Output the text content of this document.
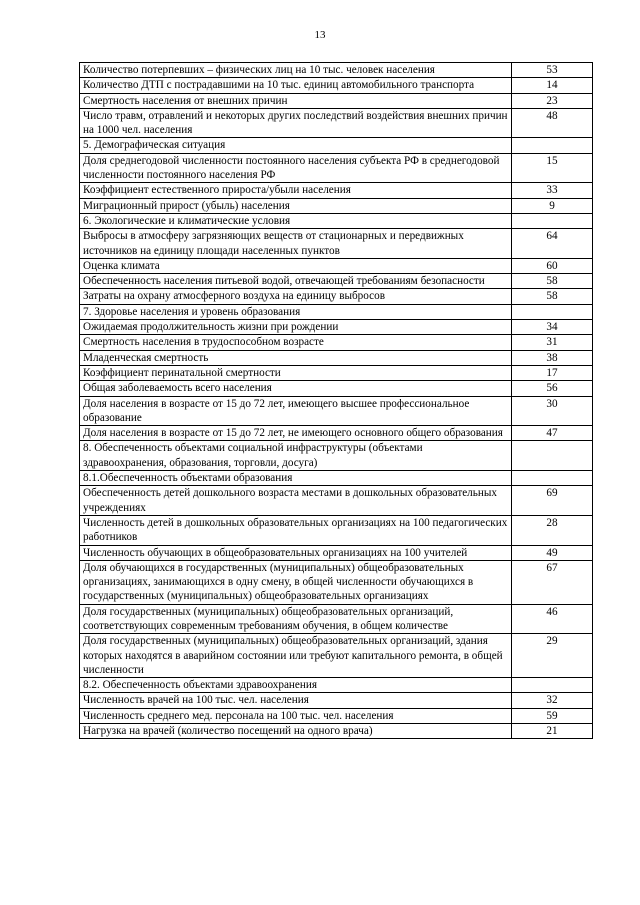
13
Количество потерпевших – физических лиц на 10 тыс. человек населения	53
Количество ДТП с пострадавшими на 10 тыс. единиц автомобильного транспорта	14
Смертность населения от внешних причин	23
Число травм, отравлений и некоторых других последствий воздействия внешних причин на 1000 чел. населения	48
5. Демографическая ситуация	
Доля среднегодовой численности постоянного населения субъекта РФ в среднегодовой численности постоянного населения РФ	15
Коэффициент естественного прироста/убыли населения	33
Миграционный прирост (убыль) населения	9
6. Экологические и климатические условия	
Выбросы в атмосферу загрязняющих веществ от стационарных и передвижных источников на единицу площади населенных пунктов	64
Оценка климата	60
Обеспеченность населения питьевой водой, отвечающей требованиям безопасности	58
Затраты на охрану атмосферного воздуха на единицу выбросов	58
7. Здоровье населения и уровень образования	
Ожидаемая продолжительность жизни при рождении	34
Смертность населения в трудоспособном возрасте	31
Младенческая смертность	38
Коэффициент перинатальной смертности	17
Общая заболеваемость всего населения	56
Доля населения в возрасте от 15 до 72 лет, имеющего высшее профессиональное образование	30
Доля населения в возрасте от 15 до 72 лет, не имеющего основного общего образования	47
8. Обеспеченность объектами социальной инфраструктуры (объектами здравоохранения, образования, торговли, досуга)	
8.1.Обеспеченность объектами образования	
Обеспеченность детей дошкольного возраста местами в дошкольных образовательных учреждениях	69
Численность детей в дошкольных образовательных организациях на 100 педагогических работников	28
Численность обучающих в общеобразовательных организациях на 100 учителей	49
Доля обучающихся в государственных (муниципальных) общеобразовательных организациях, занимающихся в одну смену, в общей численности обучающихся в государственных (муниципальных) общеобразовательных организациях	67
Доля государственных (муниципальных) общеобразовательных организаций, соответствующих современным требованиям обучения, в общем количестве	46
Доля государственных (муниципальных) общеобразовательных организаций, здания которых находятся в аварийном состоянии или требуют капитального ремонта, в общей численности	29
8.2. Обеспеченность объектами здравоохранения	
Численность врачей на 100 тыс. чел. населения	32
Численность среднего мед. персонала на 100 тыс. чел. населения	59
Нагрузка на врачей (количество посещений на одного врача)	21
